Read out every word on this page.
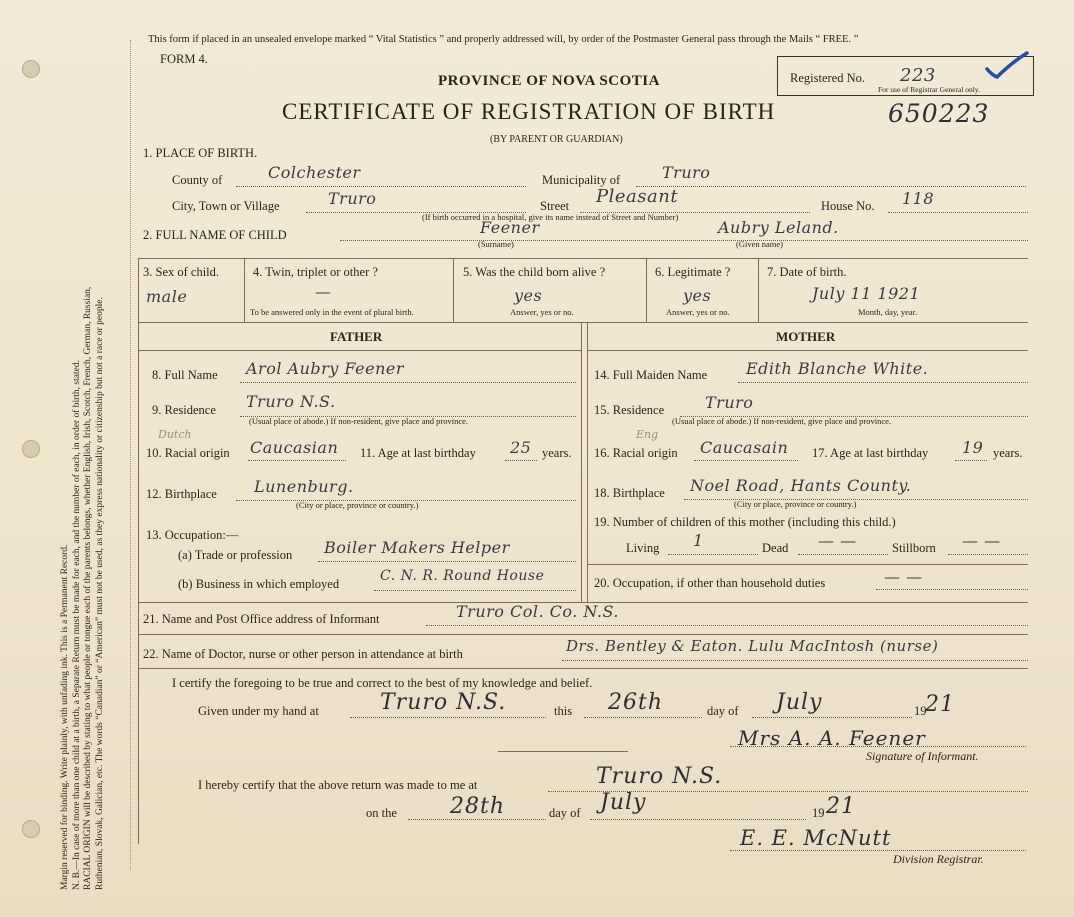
Margin reserved for binding. Write plainly, with unfading ink. This is a Permanent Record. N. B.—In case of more than one child at a birth, a Separate Return must be made for each, and the number of each, in order of birth, stated. RACIAL ORIGIN will be described by stating to what people or tongue each of the parents belongs, whether English, Irish, Scotch, French, German, Russian, Ruthenian, Slovak, Galician, etc. The words “Canadian” or “American” must not be used, as they express nationality or citizenship but not a race or people.
This form if placed in an unsealed envelope marked “ Vital Statistics ” and properly addressed will, by order of the Postmaster General pass through the Mails “ FREE. ”
FORM 4.
PROVINCE OF NOVA SCOTIA
CERTIFICATE OF REGISTRATION OF BIRTH	650223
(BY PARENT OR GUARDIAN)
Registered No. 223
For use of Registrar General only.
1. PLACE OF BIRTH.
County of	Colchester	Municipality of	Truro
City, Town or Village	Truro	Street Pleasant	House No. 118
(If birth occurred in a hospital, give its name instead of Street and Number)
2. FULL NAME OF CHILD	Feener
(Surname)
Aubry Leland.
(Given name)
3. Sex of child.
male
4. Twin, triplet or other ?
—
To be answered only in the event of plural birth.
5. Was the child born alive ?
yes
Answer, yes or no.
6. Legitimate ?
yes
Answer, yes or no.
7. Date of birth.
July 11 1921
Month, day, year.
FATHER
8. Full Name Arol Aubry Feener
9. Residence Truro N.S.
(Usual place of abode.) If non-resident, give place and province.
Dutch
10. Racial origin Caucasian 11. Age at last birthday 25 years.
12. Birthplace Lunenburg.
(City or place, province or country.)
13. Occupation:—
(a) Trade or profession Boiler Makers Helper
(b) Business in which employed	C. N. R. Round House
MOTHER
14. Full Maiden Name Edith Blanche White.
15. Residence	Truro
(Usual place of abode.) If non-resident, give place and province.
Eng
16. Racial origin Caucasain 17. Age at last birthday 19 years.
18. Birthplace Noel Road, Hants County.
(City or place, province or country.)
19. Number of children of this mother (including this child.)
Living 1	Dead — —	Stillborn — —
20. Occupation, if other than household duties	— —
21. Name and Post Office address of Informant	Truro Col. Co. N.S.
22. Name of Doctor, nurse or other person in attendance at birth	Drs. Bentley & Eaton. Lulu MacIntosh (nurse)
I certify the foregoing to be true and correct to the best of my knowledge and belief.
Given under my hand at	Truro N.S.	this 26th	day of July	19
21
Mrs A. A. Feener
Signature of Informant.
I hereby certify that the above return was made to me at	Truro N.S.
on the 28th	day of July	19 21
E. E. McNutt
Division Registrar.
